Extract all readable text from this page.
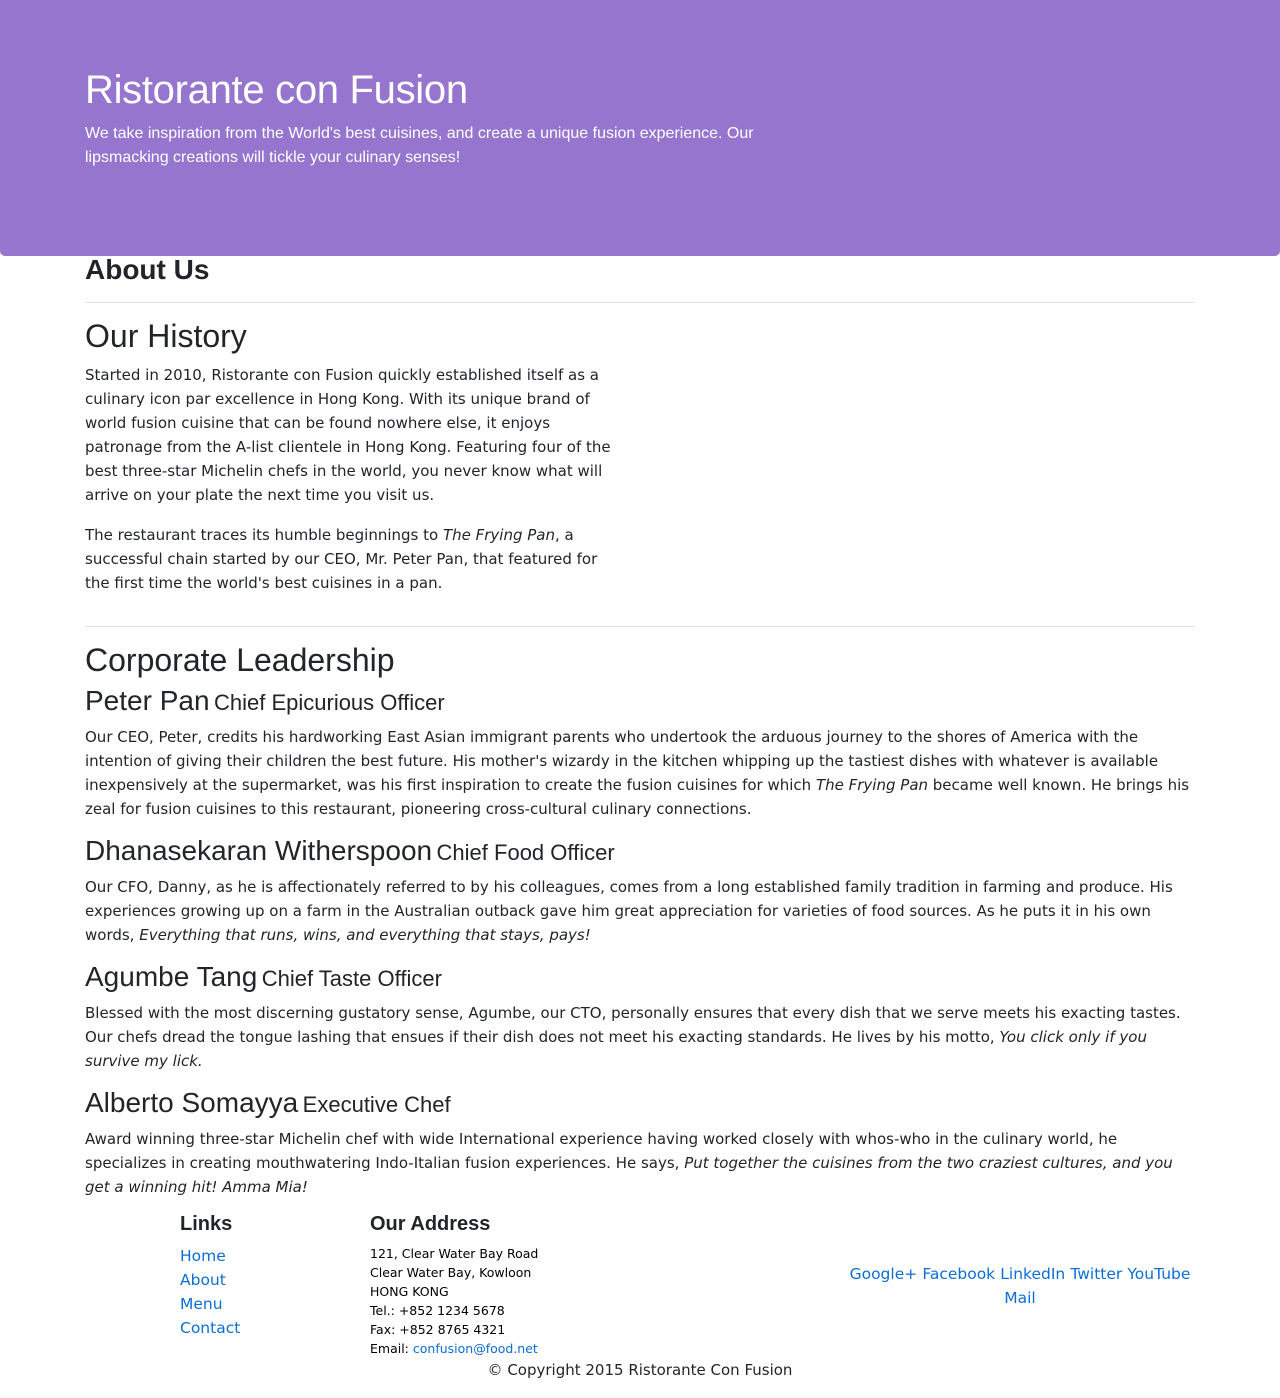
Ristorante con Fusion

We take inspiration from the World's best cuisines, and create a unique fusion experience. Our lipsmacking creations will tickle your culinary senses!

About Us
Our History

Started in 2010, Ristorante con Fusion quickly established itself as a culinary icon par excellence in Hong Kong. With its unique brand of world fusion cuisine that can be found nowhere else, it enjoys patronage from the A-list clientele in Hong Kong. Featuring four of the best three-star Michelin chefs in the world, you never know what will arrive on your plate the next time you visit us.

The restaurant traces its humble beginnings to The Frying Pan, a successful chain started by our CEO, Mr. Peter Pan, that featured for the first time the world's best cuisines in a pan.

Corporate Leadership
Peter Pan Chief Epicurious Officer

Our CEO, Peter, credits his hardworking East Asian immigrant parents who undertook the arduous journey to the shores of America with the intention of giving their children the best future. His mother's wizardy in the kitchen whipping up the tastiest dishes with whatever is available inexpensively at the supermarket, was his first inspiration to create the fusion cuisines for which The Frying Pan became well known. He brings his zeal for fusion cuisines to this restaurant, pioneering cross-cultural culinary connections.

Dhanasekaran Witherspoon Chief Food Officer

Our CFO, Danny, as he is affectionately referred to by his colleagues, comes from a long established family tradition in farming and produce. His experiences growing up on a farm in the Australian outback gave him great appreciation for varieties of food sources. As he puts it in his own words, Everything that runs, wins, and everything that stays, pays!

Agumbe Tang Chief Taste Officer

Blessed with the most discerning gustatory sense, Agumbe, our CTO, personally ensures that every dish that we serve meets his exacting tastes. Our chefs dread the tongue lashing that ensues if their dish does not meet his exacting standards. He lives by his motto, You click only if you survive my lick.

Alberto Somayya Executive Chef

Award winning three-star Michelin chef with wide International experience having worked closely with whos-who in the culinary world, he specializes in creating mouthwatering Indo-Italian fusion experiences. He says, Put together the cuisines from the two craziest cultures, and you get a winning hit! Amma Mia!

Links
Home
About
Menu
Contact
Our Address
121, Clear Water Bay Road
Clear Water Bay, Kowloon
HONG KONG
Tel.: +852 1234 5678
Fax: +852 8765 4321
Email: confusion@food.net
Google+ Facebook LinkedIn Twitter YouTube
Mail

© Copyright 2015 Ristorante Con Fusion
